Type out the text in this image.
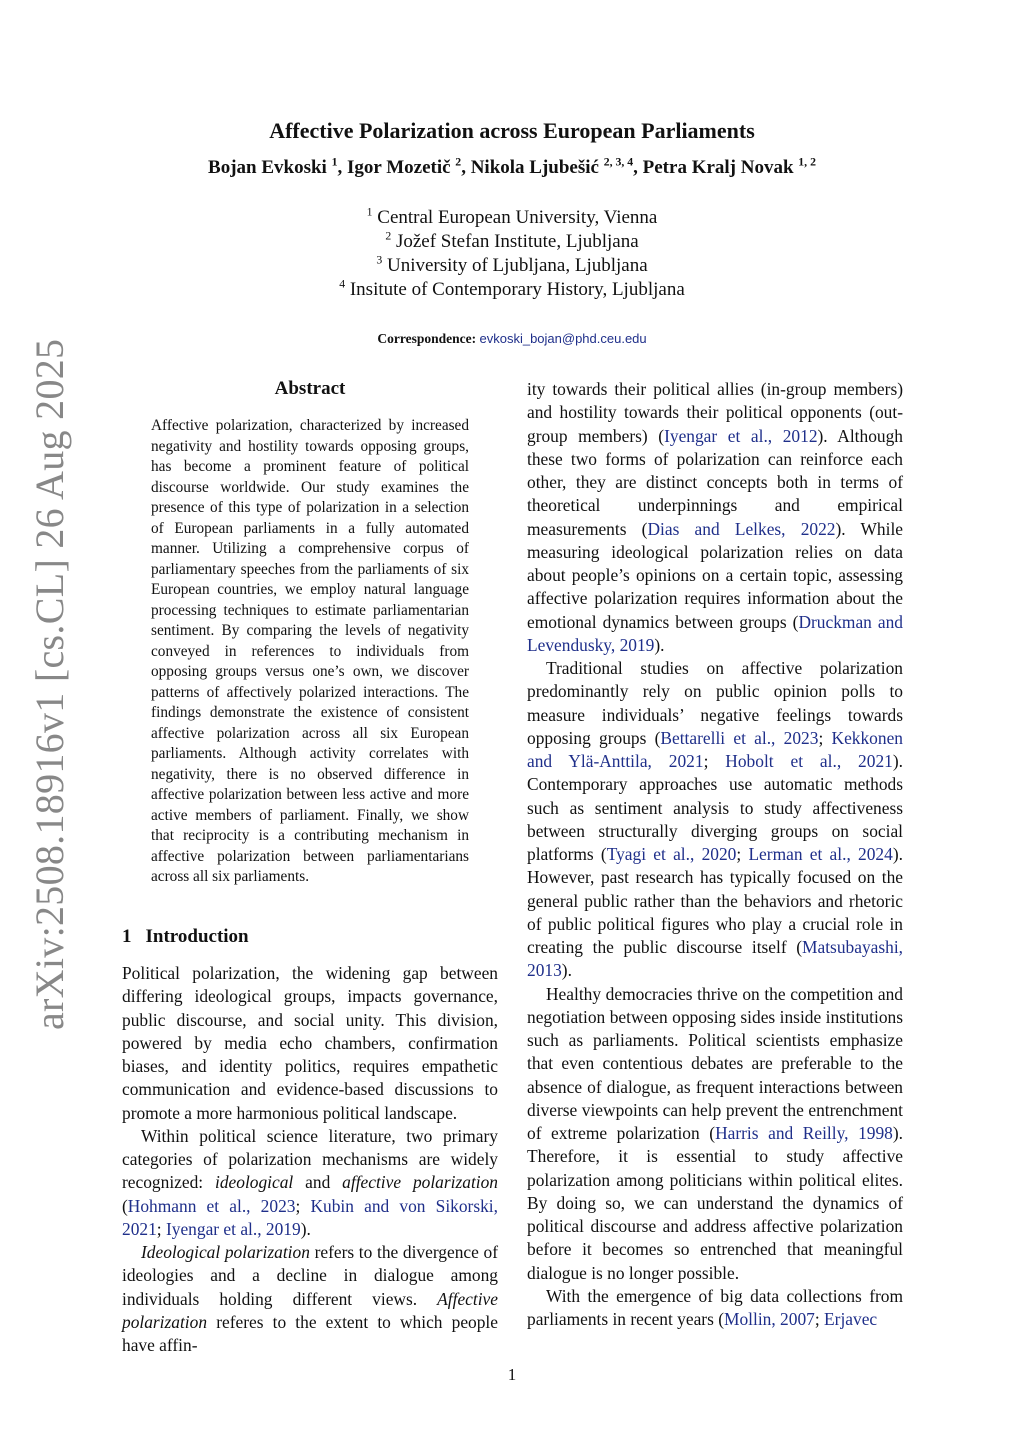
arXiv:2508.18916v1 [cs.CL] 26 Aug 2025
Affective Polarization across European Parliaments
Bojan Evkoski $^1$, Igor Mozetič $^2$, Nikola Ljubešić $^{2, 3, 4}$, Petra Kralj Novak $^{1, 2}$
$^1$ Central European University, Vienna
$^2$ Jožef Stefan Institute, Ljubljana
$^3$ University of Ljubljana, Ljubljana
$^4$ Insitute of Contemporary History, Ljubljana
Correspondence: evkoski_bojan@phd.ceu.edu
Abstract
Affective polarization, characterized by increased negativity and hostility towards opposing groups, has become a prominent feature of political discourse worldwide. Our study examines the presence of this type of polarization in a selection of European parliaments in a fully automated manner. Utilizing a comprehensive corpus of parliamentary speeches from the parliaments of six European countries, we employ natural language processing techniques to estimate parliamentarian sentiment. By comparing the levels of negativity conveyed in references to individuals from opposing groups versus one’s own, we discover patterns of affectively polarized interactions. The findings demonstrate the existence of consistent affective polarization across all six European parliaments. Although activity correlates with negativity, there is no observed difference in affective polarization between less active and more active members of parliament. Finally, we show that reciprocity is a contributing mechanism in affective polarization between parliamentarians across all six parliaments.
1 Introduction

Political polarization, the widening gap between differing ideological groups, impacts governance, public discourse, and social unity. This division, powered by media echo chambers, confirmation biases, and identity politics, requires empathetic communication and evidence-based discussions to promote a more harmonious political landscape.

Within political science literature, two primary categories of polarization mechanisms are widely recognized: ideological and affective polarization (Hohmann et al., 2023; Kubin and von Sikorski, 2021; Iyengar et al., 2019).

Ideological polarization refers to the divergence of ideologies and a decline in dialogue among individuals holding different views. Affective polarization referes to the extent to which people have affin-

ity towards their political allies (in-group members) and hostility towards their political opponents (out-group members) (Iyengar et al., 2012). Although these two forms of polarization can reinforce each other, they are distinct concepts both in terms of theoretical underpinnings and empirical measurements (Dias and Lelkes, 2022). While measuring ideological polarization relies on data about people’s opinions on a certain topic, assessing affective polarization requires information about the emotional dynamics between groups (Druckman and Levendusky, 2019).

Traditional studies on affective polarization predominantly rely on public opinion polls to measure individuals’ negative feelings towards opposing groups (Bettarelli et al., 2023; Kekkonen and Ylä-Anttila, 2021; Hobolt et al., 2021). Contemporary approaches use automatic methods such as sentiment analysis to study affectiveness between structurally diverging groups on social platforms (Tyagi et al., 2020; Lerman et al., 2024). However, past research has typically focused on the general public rather than the behaviors and rhetoric of public political figures who play a crucial role in creating the public discourse itself (Matsubayashi, 2013).

Healthy democracies thrive on the competition and negotiation between opposing sides inside institutions such as parliaments. Political scientists emphasize that even contentious debates are preferable to the absence of dialogue, as frequent interactions between diverse viewpoints can help prevent the entrenchment of extreme polarization (Harris and Reilly, 1998). Therefore, it is essential to study affective polarization among politicians within political elites. By doing so, we can understand the dynamics of political discourse and address affective polarization before it becomes so entrenched that meaningful dialogue is no longer possible.

With the emergence of big data collections from parliaments in recent years (Mollin, 2007; Erjavec

1
